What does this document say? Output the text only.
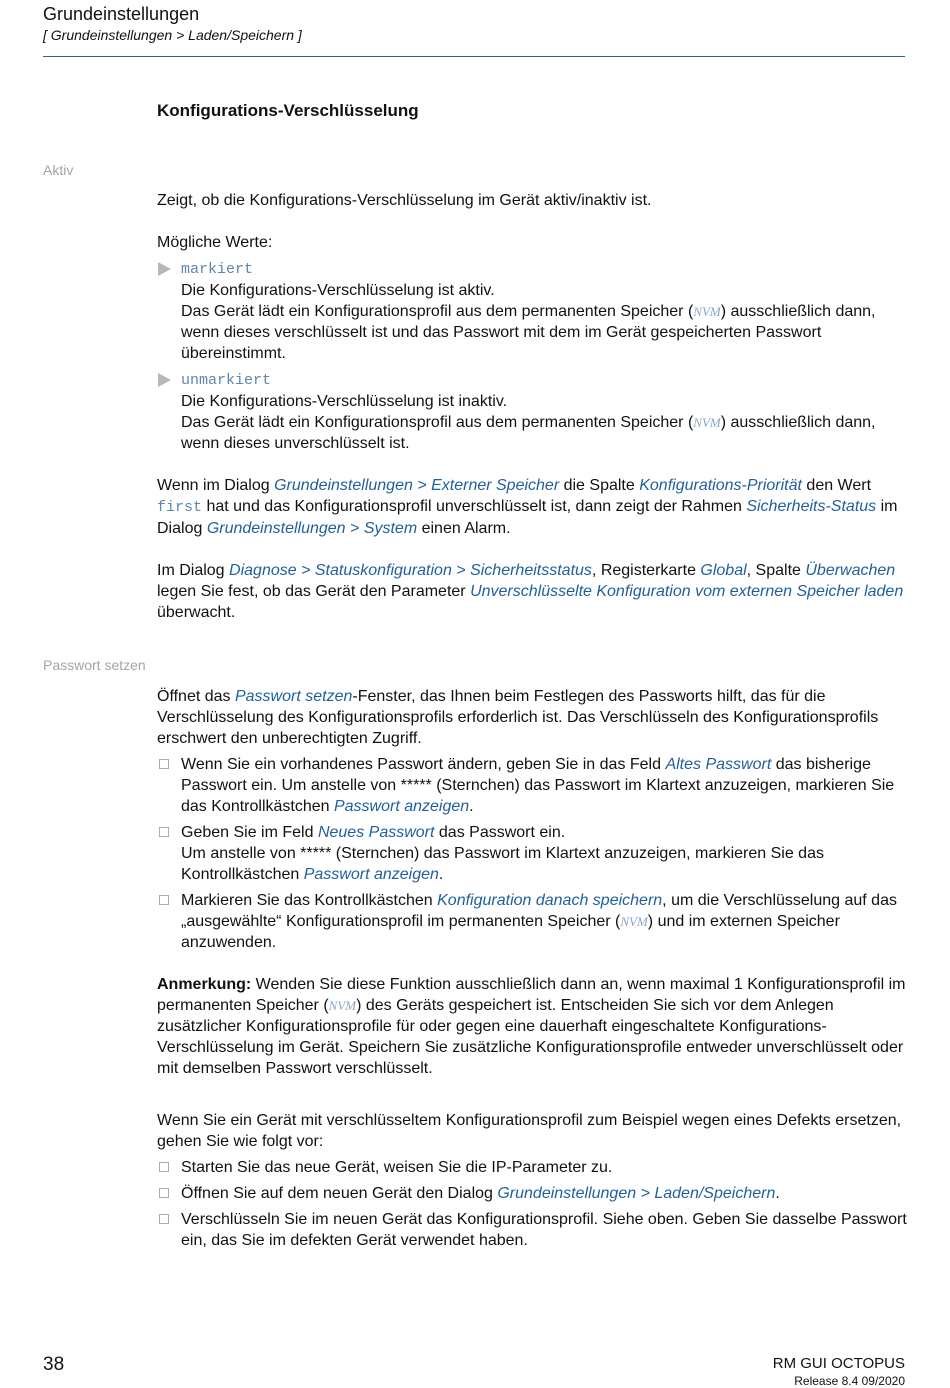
Grundeinstellungen
[ Grundeinstellungen > Laden/Speichern ]
Konfigurations-Verschlüsselung
Aktiv

Zeigt, ob die Konfigurations-Verschlüsselung im Gerät aktiv/inaktiv ist.

Mögliche Werte:

markiert
Die Konfigurations-Verschlüsselung ist aktiv.
Das Gerät lädt ein Konfigurationsprofil aus dem permanenten Speicher (NVM) ausschließlich dann, wenn dieses verschlüsselt ist und das Passwort mit dem im Gerät gespeicherten Passwort übereinstimmt.
unmarkiert
Die Konfigurations-Verschlüsselung ist inaktiv.
Das Gerät lädt ein Konfigurationsprofil aus dem permanenten Speicher (NVM) ausschließlich dann, wenn dieses unverschlüsselt ist.

Wenn im Dialog Grundeinstellungen > Externer Speicher die Spalte Konfigurations-Priorität den Wert first hat und das Konfigurationsprofil unverschlüsselt ist, dann zeigt der Rahmen Sicherheits-Status im Dialog Grundeinstellungen > System einen Alarm.

Im Dialog Diagnose > Statuskonfiguration > Sicherheitsstatus, Registerkarte Global, Spalte Überwachen legen Sie fest, ob das Gerät den Parameter Unverschlüsselte Konfiguration vom externen Speicher laden überwacht.

Passwort setzen

Öffnet das Passwort setzen-Fenster, das Ihnen beim Festlegen des Passworts hilft, das für die Verschlüsselung des Konfigurationsprofils erforderlich ist. Das Verschlüsseln des Konfigurationsprofils erschwert den unberechtigten Zugriff.

Wenn Sie ein vorhandenes Passwort ändern, geben Sie in das Feld Altes Passwort das bisherige Passwort ein. Um anstelle von ***** (Sternchen) das Passwort im Klartext anzuzeigen, markieren Sie das Kontrollkästchen Passwort anzeigen.
Geben Sie im Feld Neues Passwort das Passwort ein.
Um anstelle von ***** (Sternchen) das Passwort im Klartext anzuzeigen, markieren Sie das Kontrollkästchen Passwort anzeigen.
Markieren Sie das Kontrollkästchen Konfiguration danach speichern, um die Verschlüsselung auf das „ausgewählte“ Konfigurationsprofil im permanenten Speicher (NVM) und im externen Speicher anzuwenden.

Anmerkung: Wenden Sie diese Funktion ausschließlich dann an, wenn maximal 1 Konfigurationsprofil im permanenten Speicher (NVM) des Geräts gespeichert ist. Entscheiden Sie sich vor dem Anlegen zusätzlicher Konfigurationsprofile für oder gegen eine dauerhaft eingeschaltete Konfigurations-Verschlüsselung im Gerät. Speichern Sie zusätzliche Konfigurationsprofile entweder unverschlüsselt oder mit demselben Passwort verschlüsselt.

Wenn Sie ein Gerät mit verschlüsseltem Konfigurationsprofil zum Beispiel wegen eines Defekts ersetzen, gehen Sie wie folgt vor:

Starten Sie das neue Gerät, weisen Sie die IP-Parameter zu.
Öffnen Sie auf dem neuen Gerät den Dialog Grundeinstellungen > Laden/Speichern.
Verschlüsseln Sie im neuen Gerät das Konfigurationsprofil. Siehe oben. Geben Sie dasselbe Passwort ein, das Sie im defekten Gerät verwendet haben.
38	RM GUI OCTOPUS
Release 8.4 09/2020
